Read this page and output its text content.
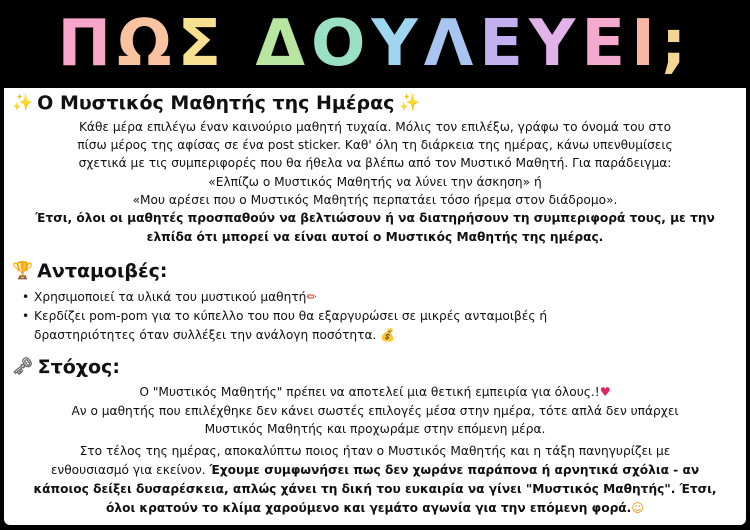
ΠΩΣ ΔΟΥΛΕΥΕΙ;
✨ Ο Μυστικός Μαθητής της Ημέρας ✨
Κάθε μέρα επιλέγω έναν καινούριο μαθητή τυχαία. Μόλις τον επιλέξω, γράφω το όνομά του στο
πίσω μέρος της αφίσας σε ένα post sticker. Καθ' όλη τη διάρκεια της ημέρας, κάνω υπενθυμίσεις
σχετικά με τις συμπεριφορές που θα ήθελα να βλέπω από τον Μυστικό Μαθητή. Για παράδειγμα:
«Ελπίζω ο Μυστικός Μαθητής να λύνει την άσκηση» ή
«Μου αρέσει που ο Μυστικός Μαθητής περπατάει τόσο ήρεμα στον διάδρομο».
Έτσι, όλοι οι μαθητές προσπαθούν να βελτιώσουν ή να διατηρήσουν τη συμπεριφορά τους, με την
ελπίδα ότι μπορεί να είναι αυτοί ο Μυστικός Μαθητής της ημέρας.
🏆 Ανταμοιβές:
• Χρησιμοποιεί τα υλικά του μυστικού μαθητή✏
• Κερδίζει pom-pom για το κύπελλο του που θα εξαργυρώσει σε μικρές ανταμοιβές ή
δραστηριότητες όταν συλλέξει την ανάλογη ποσότητα. 💰
🗝 Στόχος:
Ο "Μυστικός Μαθητής" πρέπει να αποτελεί μια θετική εμπειρία για όλους.!♥
Αν ο μαθητής που επιλέχθηκε δεν κάνει σωστές επιλογές μέσα στην ημέρα, τότε απλά δεν υπάρχει
Μυστικός Μαθητής και προχωράμε στην επόμενη μέρα.
Στο τέλος της ημέρας, αποκαλύπτω ποιος ήταν ο Μυστικός Μαθητής και η τάξη πανηγυρίζει με
ενθουσιασμό για εκείνον. Έχουμε συμφωνήσει πως δεν χωράνε παράπονα ή αρνητικά σχόλια - αν
κάποιος δείξει δυσαρέσκεια, απλώς χάνει τη δική του ευκαιρία να γίνει "Μυστικός Μαθητής". Έτσι,
όλοι κρατούν το κλίμα χαρούμενο και γεμάτο αγωνία για την επόμενη φορά.☺
